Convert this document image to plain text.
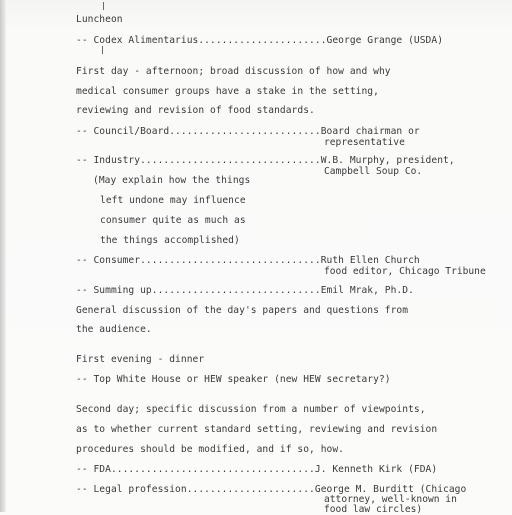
Luncheon
-- Codex Alimentarius......................George Grange (USDA)
First day - afternoon; broad discussion of how and why
medical consumer groups have a stake in the setting,
reviewing and revision of food standards.
-- Council/Board..........................Board chairman or
representative
-- Industry...............................W.B. Murphy, president,
Campbell Soup Co.
(May explain how the things
left undone may influence
consumer quite as much as
the things accomplished)
-- Consumer...............................Ruth Ellen Church
food editor, Chicago Tribune
-- Summing up.............................Emil Mrak, Ph.D.
General discussion of the day's papers and questions from
the audience.
First evening - dinner
-- Top White House or HEW speaker (new HEW secretary?)
Second day; specific discussion from a number of viewpoints,
as to whether current standard setting, reviewing and revision
procedures should be modified, and if so, how.
-- FDA...................................J. Kenneth Kirk (FDA)
-- Legal profession......................George M. Burditt (Chicago
attorney, well-known in
food law circles)
